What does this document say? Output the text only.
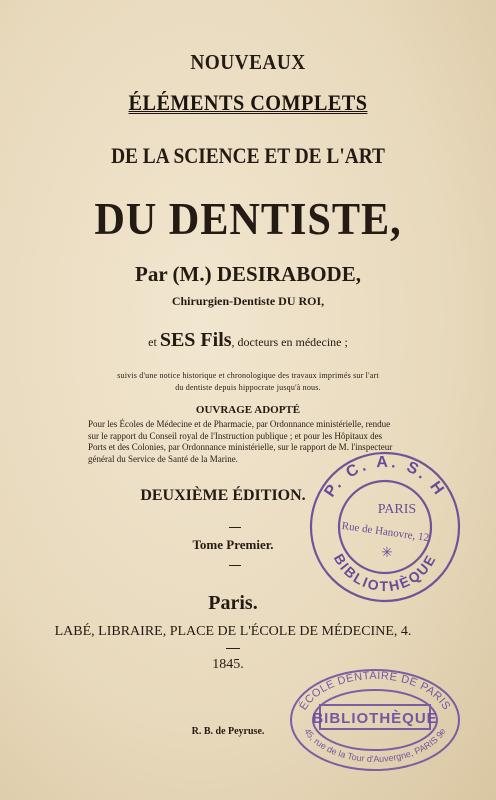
NOUVEAUX
ÉLÉMENTS COMPLETS
DE LA SCIENCE ET DE L'ART
DU DENTISTE,
Par (M.) DESIRABODE,
Chirurgien-Dentiste DU ROI,
et SES Fils, docteurs en médecine ;
suivis d'une notice historique et chronologique des travaux imprimés sur l'art
du dentiste depuis hippocrate jusqu'à nous.
OUVRAGE ADOPTÉ
Pour les Écoles de Médecine et de Pharmacie, par Ordonnance ministérielle, rendue
sur le rapport du Conseil royal de l'Instruction publique ; et pour les Hôpitaux des
Ports et des Colonies, par Ordonnance ministérielle, sur le rapport de M. l'inspecteur
général du Service de Santé de la Marine.
DEUXIÈME ÉDITION.
Tome Premier.
Paris.
LABÉ, LIBRAIRE, PLACE DE L'ÉCOLE DE MÉDECINE, 4.
1845.
R. B. de Peyruse.
P. C. A. S. H
BIBLIOTHÈQUE
PARIS
Rue de Hanovre, 12
✳
ÉCOLE DENTAIRE DE PARIS
45, rue de la Tour d'Auvergne, PARIS 9e
BIBLIOTHÈQUE
